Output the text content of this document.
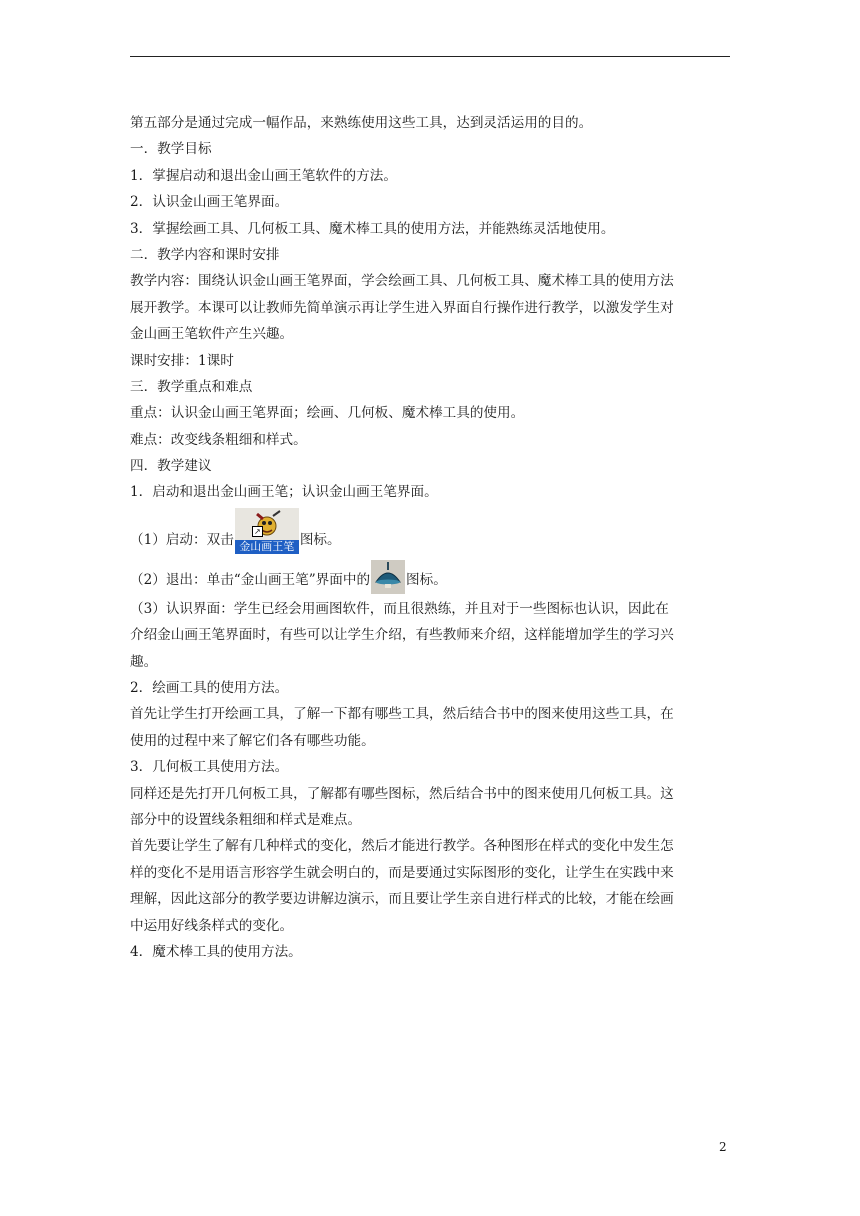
第五部分是通过完成一幅作品，来熟练使用这些工具，达到灵活运用的目的。
一．教学目标
1．掌握启动和退出金山画王笔软件的方法。
2．认识金山画王笔界面。
3．掌握绘画工具、几何板工具、魔术棒工具的使用方法，并能熟练灵活地使用。
二．教学内容和课时安排
教学内容：围绕认识金山画王笔界面，学会绘画工具、几何板工具、魔术棒工具的使用方法
展开教学。本课可以让教师先简单演示再让学生进入界面自行操作进行教学，以激发学生对
金山画王笔软件产生兴趣。
课时安排：1课时
三．教学重点和难点
重点：认识金山画王笔界面；绘画、几何板、魔术棒工具的使用。
难点：改变线条粗细和样式。
四．教学建议
1．启动和退出金山画王笔；认识金山画王笔界面。
（1）启动：双击
↗
金山画王笔 图标。
（2）退出：单击“金山画王笔”界面中的	图标。
（3）认识界面：学生已经会用画图软件，而且很熟练，并且对于一些图标也认识，因此在
介绍金山画王笔界面时，有些可以让学生介绍，有些教师来介绍，这样能增加学生的学习兴
趣。
2．绘画工具的使用方法。
首先让学生打开绘画工具，了解一下都有哪些工具，然后结合书中的图来使用这些工具，在
使用的过程中来了解它们各有哪些功能。
3．几何板工具使用方法。
同样还是先打开几何板工具，了解都有哪些图标，然后结合书中的图来使用几何板工具。这
部分中的设置线条粗细和样式是难点。
首先要让学生了解有几种样式的变化，然后才能进行教学。各种图形在样式的变化中发生怎
样的变化不是用语言形容学生就会明白的，而是要通过实际图形的变化，让学生在实践中来
理解，因此这部分的教学要边讲解边演示，而且要让学生亲自进行样式的比较，才能在绘画
中运用好线条样式的变化。
4．魔术棒工具的使用方法。
2
